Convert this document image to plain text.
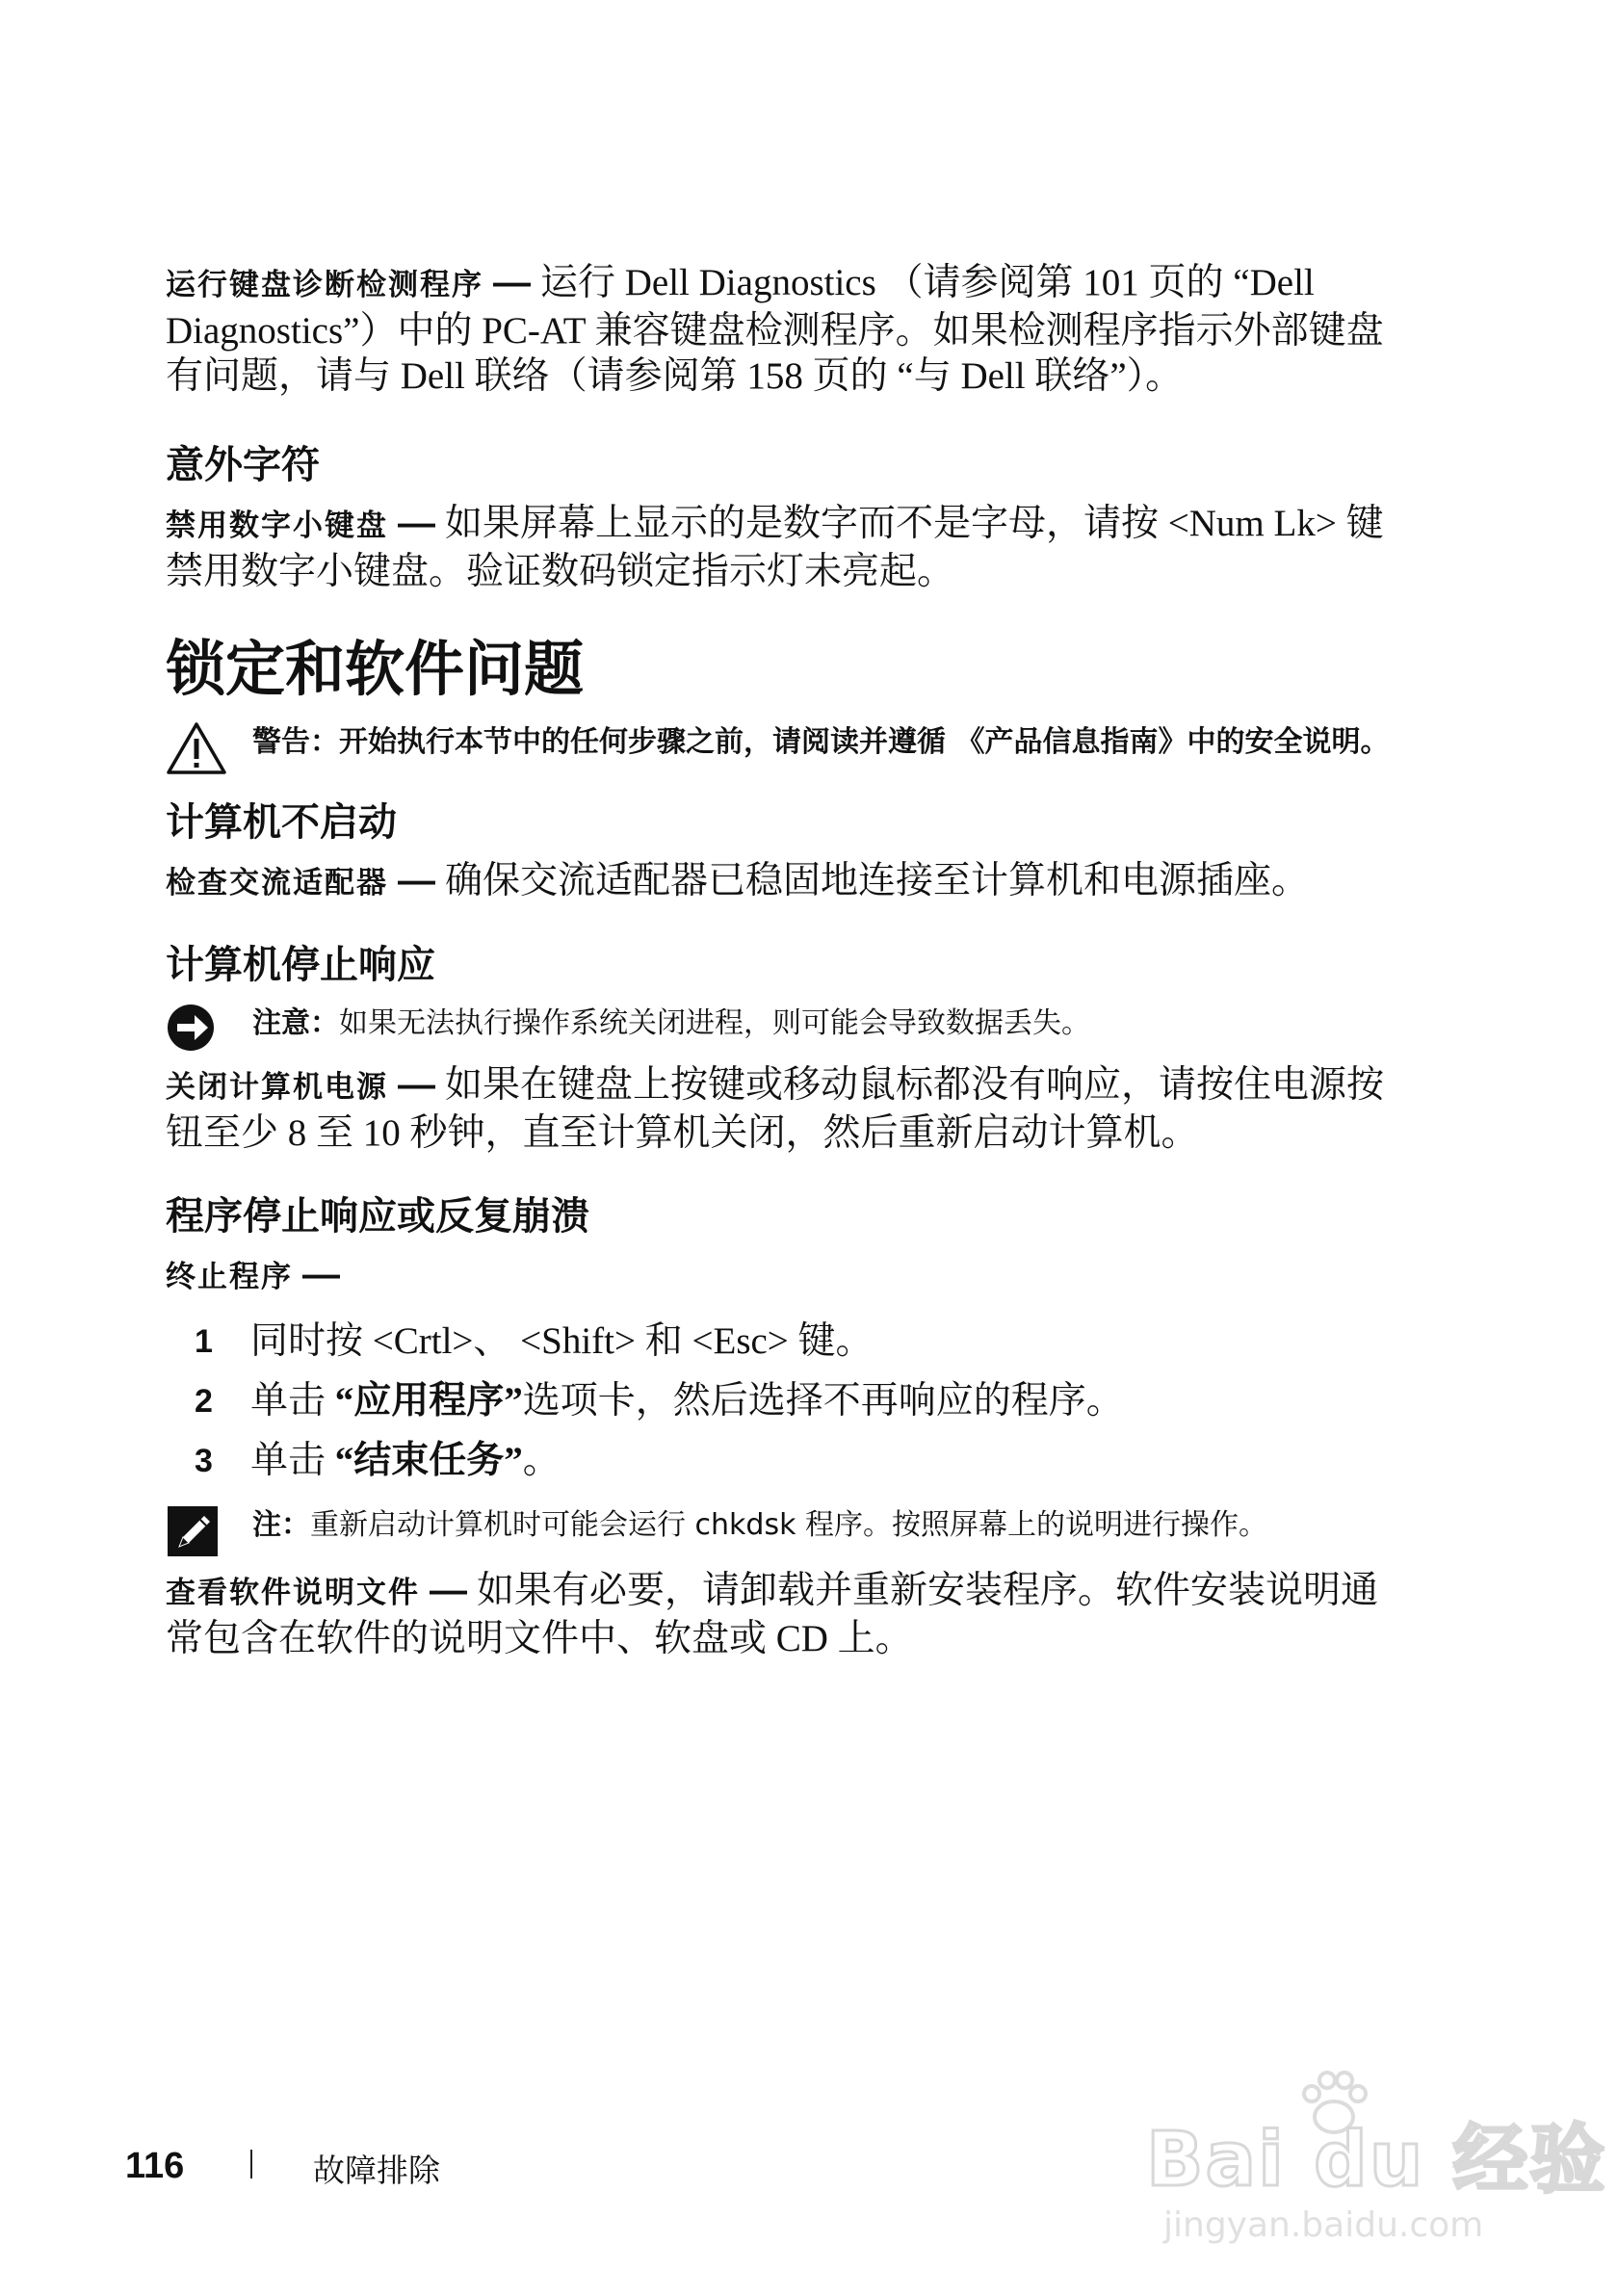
运行键盘诊断检测程序 — 运行 Dell Diagnostics （请参阅第 101 页的 “Dell Diagnostics”）中的 PC-AT 兼容键盘检测程序。如果检测程序指示外部键盘有问题，请与 Dell 联络（请参阅第 158 页的 “与 Dell 联络”）。

意外字符

禁用数字小键盘 — 如果屏幕上显示的是数字而不是字母，请按 <Num Lk> 键禁用数字小键盘。验证数码锁定指示灯未亮起。

锁定和软件问题
警告：开始执行本节中的任何步骤之前，请阅读并遵循 《产品信息指南》中的安全说明。
计算机不启动

检查交流适配器 — 确保交流适配器已稳固地连接至计算机和电源插座。

计算机停止响应
注意：如果无法执行操作系统关闭进程，则可能会导致数据丢失。

关闭计算机电源 — 如果在键盘上按键或移动鼠标都没有响应，请按住电源按钮至少 8 至 10 秒钟，直至计算机关闭，然后重新启动计算机。

程序停止响应或反复崩溃

终止程序 —

1 同时按 <Crtl>、 <Shift> 和 <Esc> 键。
2 单击 “应用程序”选项卡，然后选择不再响应的程序。
3 单击 “结束任务”。
注：重新启动计算机时可能会运行 chkdsk 程序。按照屏幕上的说明进行操作。

查看软件说明文件 — 如果有必要，请卸载并重新安装程序。软件安装说明通常包含在软件的说明文件中、软盘或 CD 上。

116	故障排除	Bai du 经验
jingyan.baidu.com
